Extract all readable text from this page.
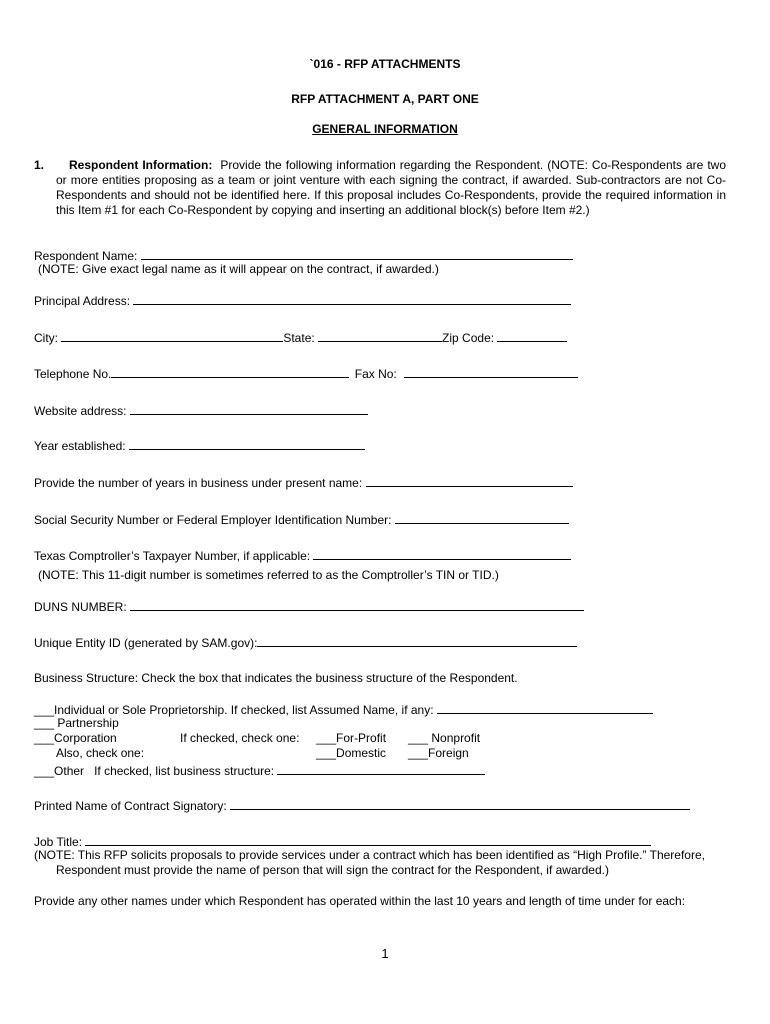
`016 - RFP ATTACHMENTS
RFP ATTACHMENT A, PART ONE
GENERAL INFORMATION
1.	Respondent Information: Provide the following information regarding the Respondent. (NOTE: Co-Respondents are two or more entities proposing as a team or joint venture with each signing the contract, if awarded. Sub-contractors are not Co-Respondents and should not be identified here. If this proposal includes Co-Respondents, provide the required information in this Item #1 for each Co-Respondent by copying and inserting an additional block(s) before Item #2.)
Respondent Name:
(NOTE: Give exact legal name as it will appear on the contract, if awarded.)
Principal Address:
City:	State:	Zip Code:
Telephone No.	Fax No:
Website address:
Year established:
Provide the number of years in business under present name:
Social Security Number or Federal Employer Identification Number:
Texas Comptroller’s Taxpayer Number, if applicable:
(NOTE: This 11-digit number is sometimes referred to as the Comptroller’s TIN or TID.)
DUNS NUMBER:
Unique Entity ID (generated by SAM.gov):
Business Structure: Check the box that indicates the business structure of the Respondent.
___Individual or Sole Proprietorship. If checked, list Assumed Name, if any:
___ Partnership
___Corporation	If checked, check one: ___For-Profit ___ Nonprofit
Also, check one:	___Domestic ___Foreign
___Other If checked, list business structure:
Printed Name of Contract Signatory:
Job Title:
(NOTE: This RFP solicits proposals to provide services under a contract which has been identified as “High Profile.” Therefore,
Respondent must provide the name of person that will sign the contract for the Respondent, if awarded.)
Provide any other names under which Respondent has operated within the last 10 years and length of time under for each:
1
